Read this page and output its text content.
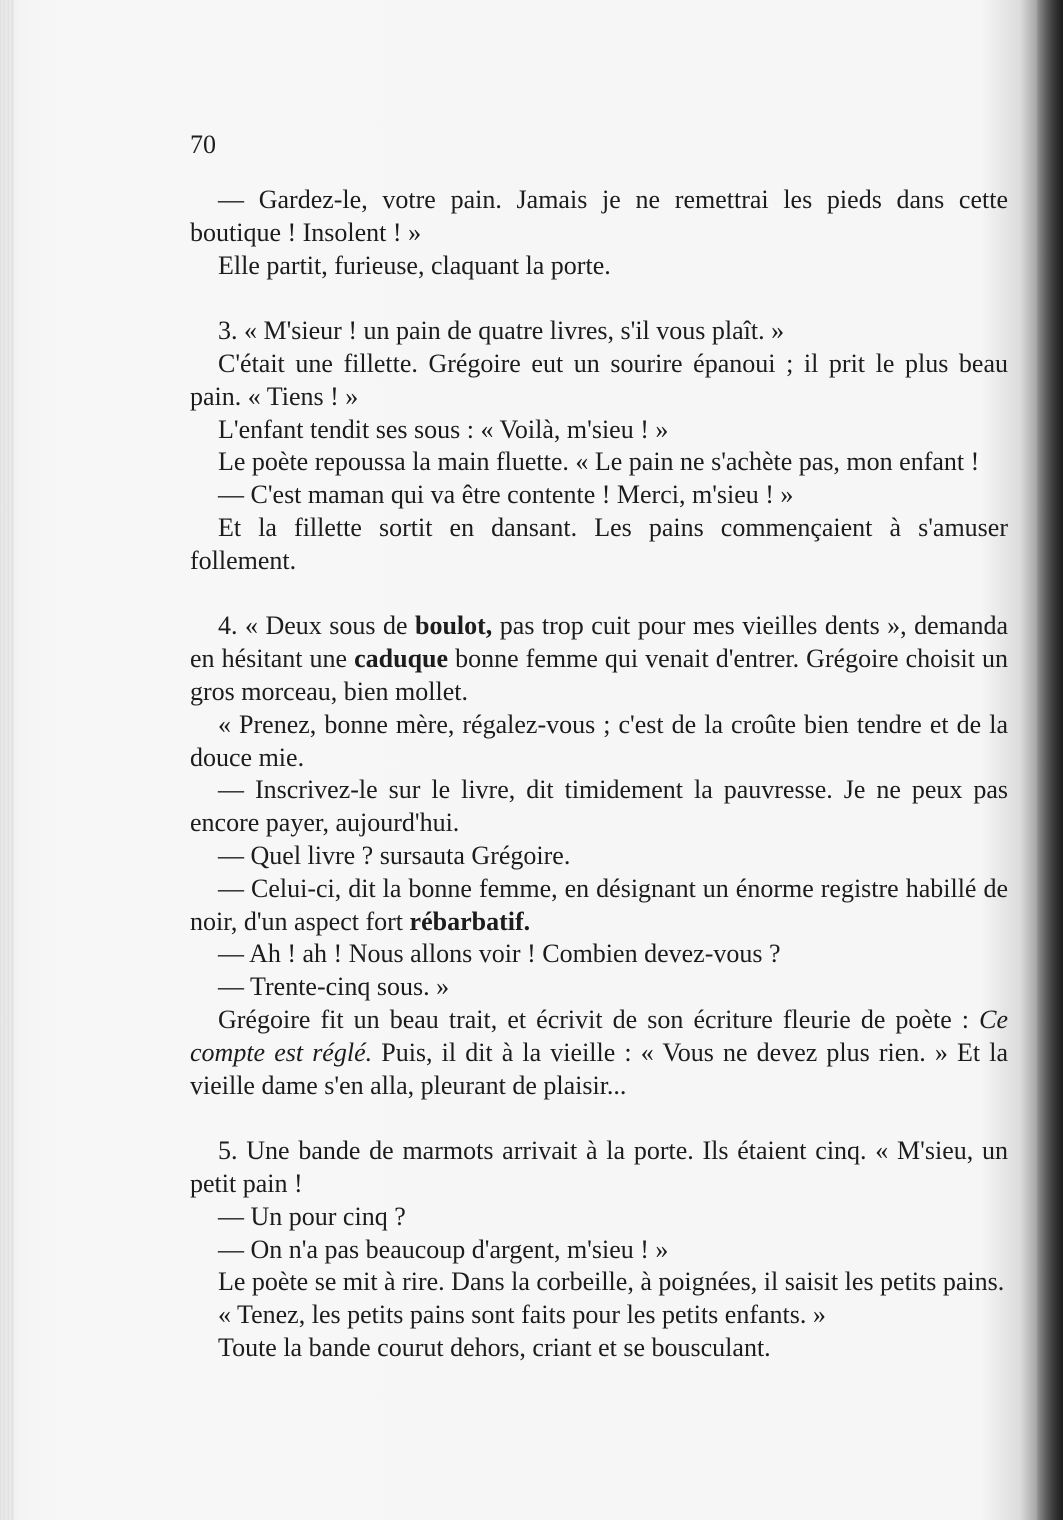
70

— Gardez-le, votre pain. Jamais je ne remettrai les pieds dans cette boutique ! Insolent ! »

Elle partit, furieuse, claquant la porte.

3. « M'sieur ! un pain de quatre livres, s'il vous plaît. »

C'était une fillette. Grégoire eut un sourire épanoui ; il prit le plus beau pain. « Tiens ! »

L'enfant tendit ses sous : « Voilà, m'sieu ! »

Le poète repoussa la main fluette. « Le pain ne s'achète pas, mon enfant !

— C'est maman qui va être contente ! Merci, m'sieu ! »

Et la fillette sortit en dansant. Les pains commençaient à s'amuser follement.

4. « Deux sous de boulot, pas trop cuit pour mes vieilles dents », demanda en hésitant une caduque bonne femme qui venait d'entrer. Grégoire choisit un gros morceau, bien mollet.

« Prenez, bonne mère, régalez-vous ; c'est de la croûte bien tendre et de la douce mie.

— Inscrivez-le sur le livre, dit timidement la pauvresse. Je ne peux pas encore payer, aujourd'hui.

— Quel livre ? sursauta Grégoire.

— Celui-ci, dit la bonne femme, en désignant un énorme registre habillé de noir, d'un aspect fort rébarbatif.

— Ah ! ah ! Nous allons voir ! Combien devez-vous ?

— Trente-cinq sous. »

Grégoire fit un beau trait, et écrivit de son écriture fleurie de poète : Ce compte est réglé. Puis, il dit à la vieille : « Vous ne devez plus rien. » Et la vieille dame s'en alla, pleurant de plaisir...

5. Une bande de marmots arrivait à la porte. Ils étaient cinq. « M'sieu, un petit pain !

— Un pour cinq ?

— On n'a pas beaucoup d'argent, m'sieu ! »

Le poète se mit à rire. Dans la corbeille, à poignées, il saisit les petits pains.

« Tenez, les petits pains sont faits pour les petits enfants. »

Toute la bande courut dehors, criant et se bousculant.
